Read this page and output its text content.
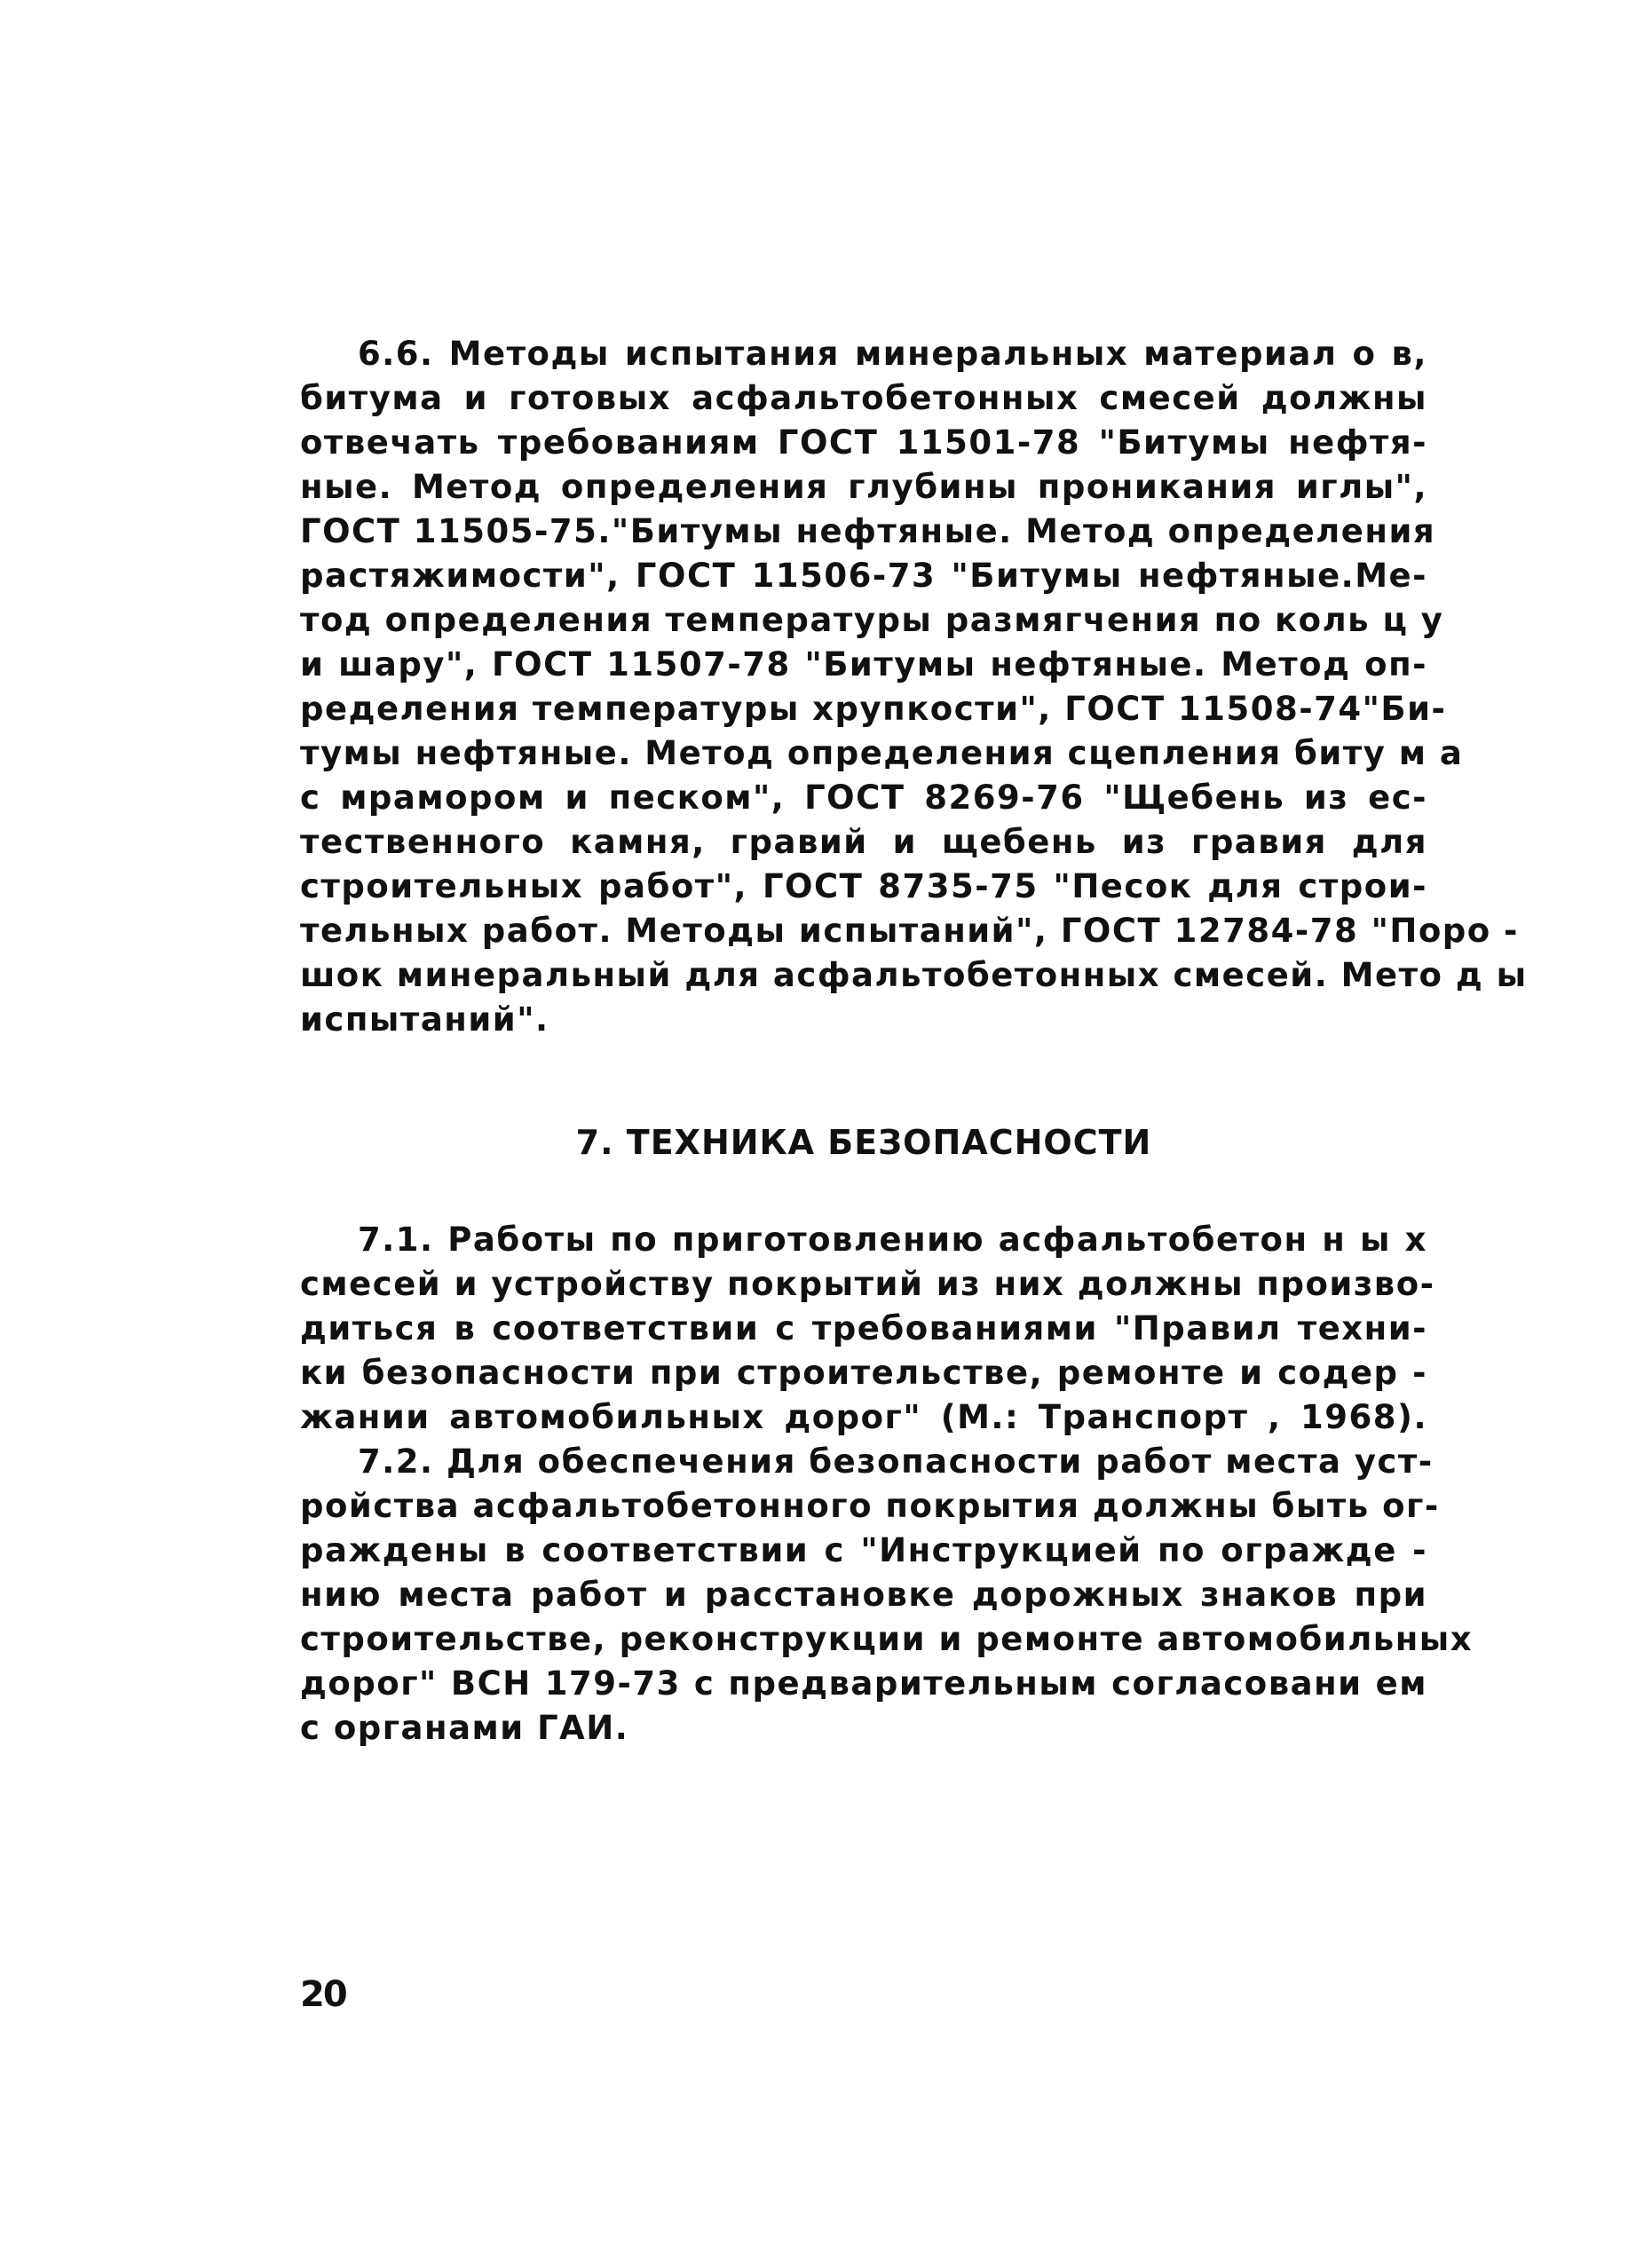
6.6. Методы испытания минеральных материал о в,
битума и готовых асфальтобетонных смесей должны
отвечать требованиям ГОСТ 11501-78 "Битумы нефтя-
ные. Метод определения глубины проникания иглы",
ГОСТ 11505-75."Битумы нефтяные. Метод определения
растяжимости", ГОСТ 11506-73 "Битумы нефтяные.Ме-
тод определения температуры размягчения по коль ц у
и шару", ГОСТ 11507-78 "Битумы нефтяные. Метод оп-
ределения температуры хрупкости", ГОСТ 11508-74"Би-
тумы нефтяные. Метод определения сцепления биту м а
с мрамором и песком", ГОСТ 8269-76 "Щебень из ес-
тественного камня, гравий и щебень из гравия для
строительных работ", ГОСТ 8735-75 "Песок для строи-
тельных работ. Методы испытаний", ГОСТ 12784-78 "Поро -
шок минеральный для асфальтобетонных смесей. Мето д ы
испытаний".
7. ТЕХНИКА БЕЗОПАСНОСТИ
7.1. Работы по приготовлению асфальтобетон н ы х
смесей и устройству покрытий из них должны произво-
диться в соответствии с требованиями "Правил техни-
ки безопасности при строительстве, ремонте и содер -
жании автомобильных дорог" (М.: Транспорт , 1968).
7.2. Для обеспечения безопасности работ места уст-
ройства асфальтобетонного покрытия должны быть ог-
раждены в соответствии с "Инструкцией по огражде -
нию места работ и расстановке дорожных знаков при
строительстве, реконструкции и ремонте автомобильных
дорог" ВСН 179-73 с предварительным согласовани ем
с органами ГАИ.
20
